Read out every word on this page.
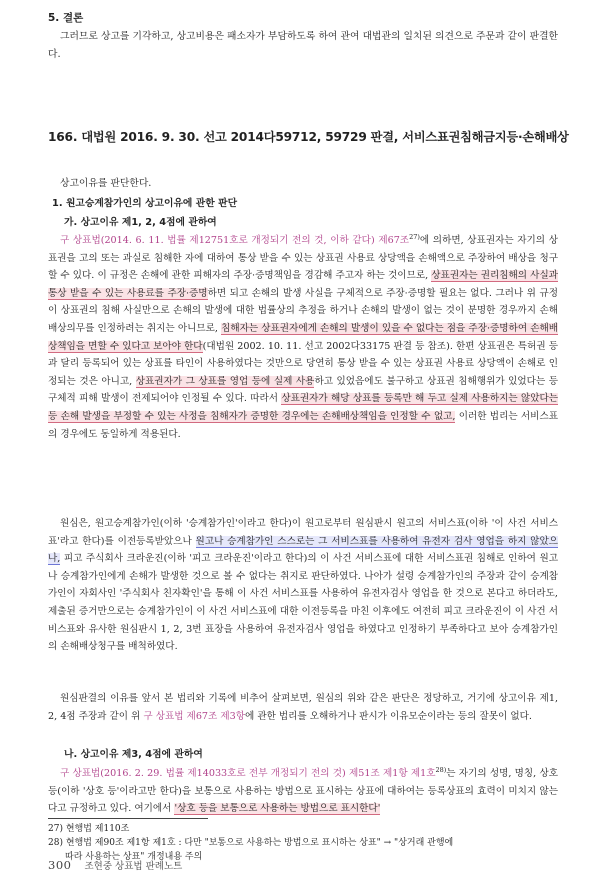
5. 결론

그러므로 상고를 기각하고, 상고비용은 패소자가 부담하도록 하여 관여 대법관의 일치된 의견으로 주문과 같이 판결한다.

166. 대법원 2016. 9. 30. 선고 2014다59712, 59729 판결, 서비스표권침해금지등·손해배상
상고이유를 판단한다.
1. 원고승계참가인의 상고이유에 관한 판단
가. 상고이유 제1, 2, 4점에 관하여

구 상표법(2014. 6. 11. 법률 제12751호로 개정되기 전의 것, 이하 같다) 제67조$^{27)}$에 의하면, 상표권자는 자기의 상표권을 고의 또는 과실로 침해한 자에 대하여 통상 받을 수 있는 상표권 사용료 상당액을 손해액으로 주장하여 배상을 청구할 수 있다. 이 규정은 손해에 관한 피해자의 주장·증명책임을 경감해 주고자 하는 것이므로, 상표권자는 권리침해의 사실과 통상 받을 수 있는 사용료를 주장·증명하면 되고 손해의 발생 사실을 구체적으로 주장·증명할 필요는 없다. 그러나 위 규정이 상표권의 침해 사실만으로 손해의 발생에 대한 법률상의 추정을 하거나 손해의 발생이 없는 것이 분명한 경우까지 손해배상의무를 인정하려는 취지는 아니므로, 침해자는 상표권자에게 손해의 발생이 있을 수 없다는 점을 주장·증명하여 손해배상책임을 면할 수 있다고 보아야 한다(대법원 2002. 10. 11. 선고 2002다33175 판결 등 참조). 한편 상표권은 특허권 등과 달리 등록되어 있는 상표를 타인이 사용하였다는 것만으로 당연히 통상 받을 수 있는 상표권 사용료 상당액이 손해로 인정되는 것은 아니고, 상표권자가 그 상표를 영업 등에 실제 사용하고 있었음에도 불구하고 상표권 침해행위가 있었다는 등 구체적 피해 발생이 전제되어야 인정될 수 있다. 따라서 상표권자가 해당 상표를 등록만 해 두고 실제 사용하지는 않았다는 등 손해 발생을 부정할 수 있는 사정을 침해자가 증명한 경우에는 손해배상책임을 인정할 수 없고, 이러한 법리는 서비스표의 경우에도 동일하게 적용된다.

원심은, 원고승계참가인(이하 '승계참가인'이라고 한다)이 원고로부터 원심판시 원고의 서비스표(이하 '이 사건 서비스표'라고 한다)를 이전등록받았으나 원고나 승계참가인 스스로는 그 서비스표를 사용하여 유전자 검사 영업을 하지 않았으나, 피고 주식회사 크라운진(이하 '피고 크라운진'이라고 한다)의 이 사건 서비스표에 대한 서비스표권 침해로 인하여 원고나 승계참가인에게 손해가 발생한 것으로 볼 수 없다는 취지로 판단하였다. 나아가 설령 승계참가인의 주장과 같이 승계참가인이 자회사인 '주식회사 친자확인'을 통해 이 사건 서비스표를 사용하여 유전자검사 영업을 한 것으로 본다고 하더라도, 제출된 증거만으로는 승계참가인이 이 사건 서비스표에 대한 이전등록을 마친 이후에도 여전히 피고 크라운진이 이 사건 서비스표와 유사한 원심판시 1, 2, 3번 표장을 사용하여 유전자검사 영업을 하였다고 인정하기 부족하다고 보아 승계참가인의 손해배상청구를 배척하였다.

원심판결의 이유를 앞서 본 법리와 기록에 비추어 살펴보면, 원심의 위와 같은 판단은 정당하고, 거기에 상고이유 제1, 2, 4점 주장과 같이 위 구 상표법 제67조 제3항에 관한 법리를 오해하거나 판시가 이유모순이라는 등의 잘못이 없다.

나. 상고이유 제3, 4점에 관하여

구 상표법(2016. 2. 29. 법률 제14033호로 전부 개정되기 전의 것) 제51조 제1항 제1호$^{28)}$는 자기의 성명, 명칭, 상호 등(이하 '상호 등'이라고만 한다)을 보통으로 사용하는 방법으로 표시하는 상표에 대하여는 등록상표의 효력이 미치지 않는다고 규정하고 있다. 여기에서 '상호 등을 보통으로 사용하는 방법으로 표시한다'

27) 현행법 제110조

28) 현행법 제90조 제1항 제1호 : 다만 "보통으로 사용하는 방법으로 표시하는 상표" → "상거래 관행에
따라 사용하는 상표" 개정내용 주의

300 조현중 상표법 판례노트
